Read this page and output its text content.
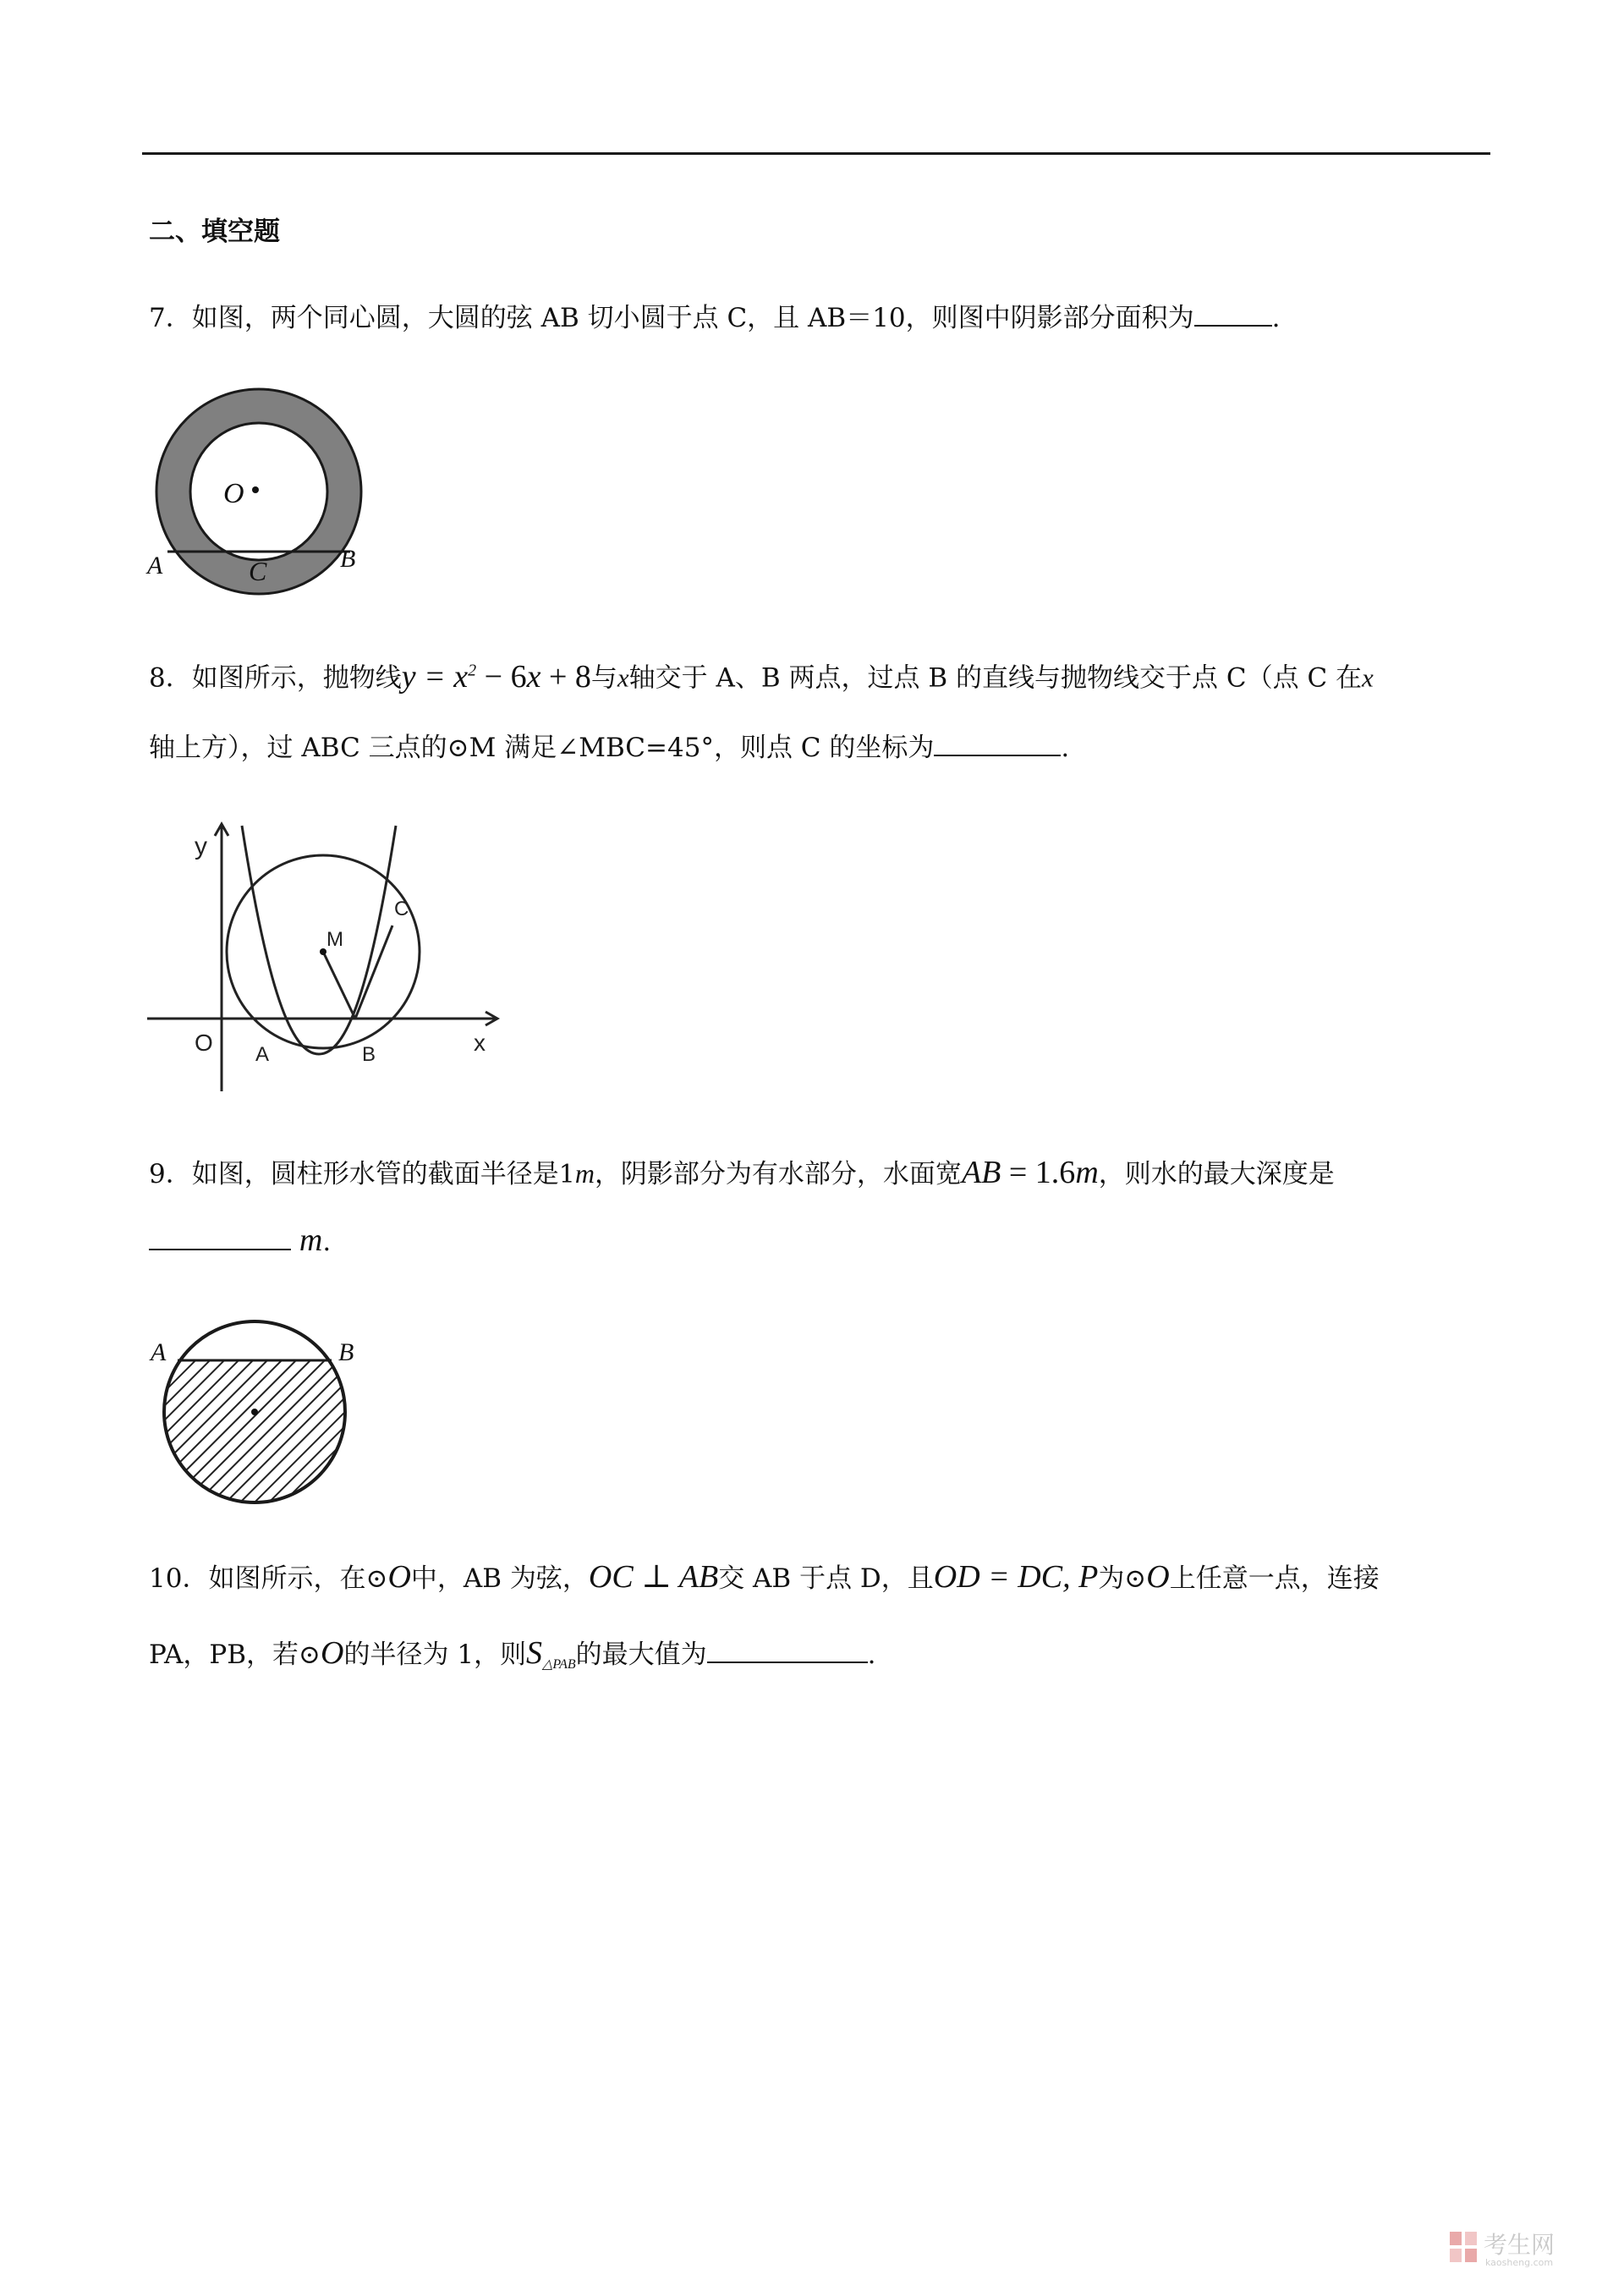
二、填空题
7．如图，两个同心圆，大圆的弦 AB 切小圆于点 C，且 AB＝10，则图中阴影部分面积为	.
O
A	C	B
8．如图所示，抛物线$y = x^2 - 6x + 8$与x轴交于 A、B 两点，过点 B 的直线与抛物线交于点 C（点 C 在x
轴上方），过 ABC 三点的⊙M 满足∠MBC=45°，则点 C 的坐标为	.
y
x
O A	B
C
M
9．如图，圆柱形水管的截面半径是1m，阴影部分为有水部分，水面宽AB = 1.6m，则水的最大深度是
m.
A	B
10．如图所示，在⊙O中，AB 为弦，OC ⊥ AB交 AB 于点 D，且OD = DC, P为⊙O上任意一点，连接
PA，PB，若⊙O的半径为 1，则$S_{\triangle PAB}$的最大值为	.
考生网
kaosheng.com
